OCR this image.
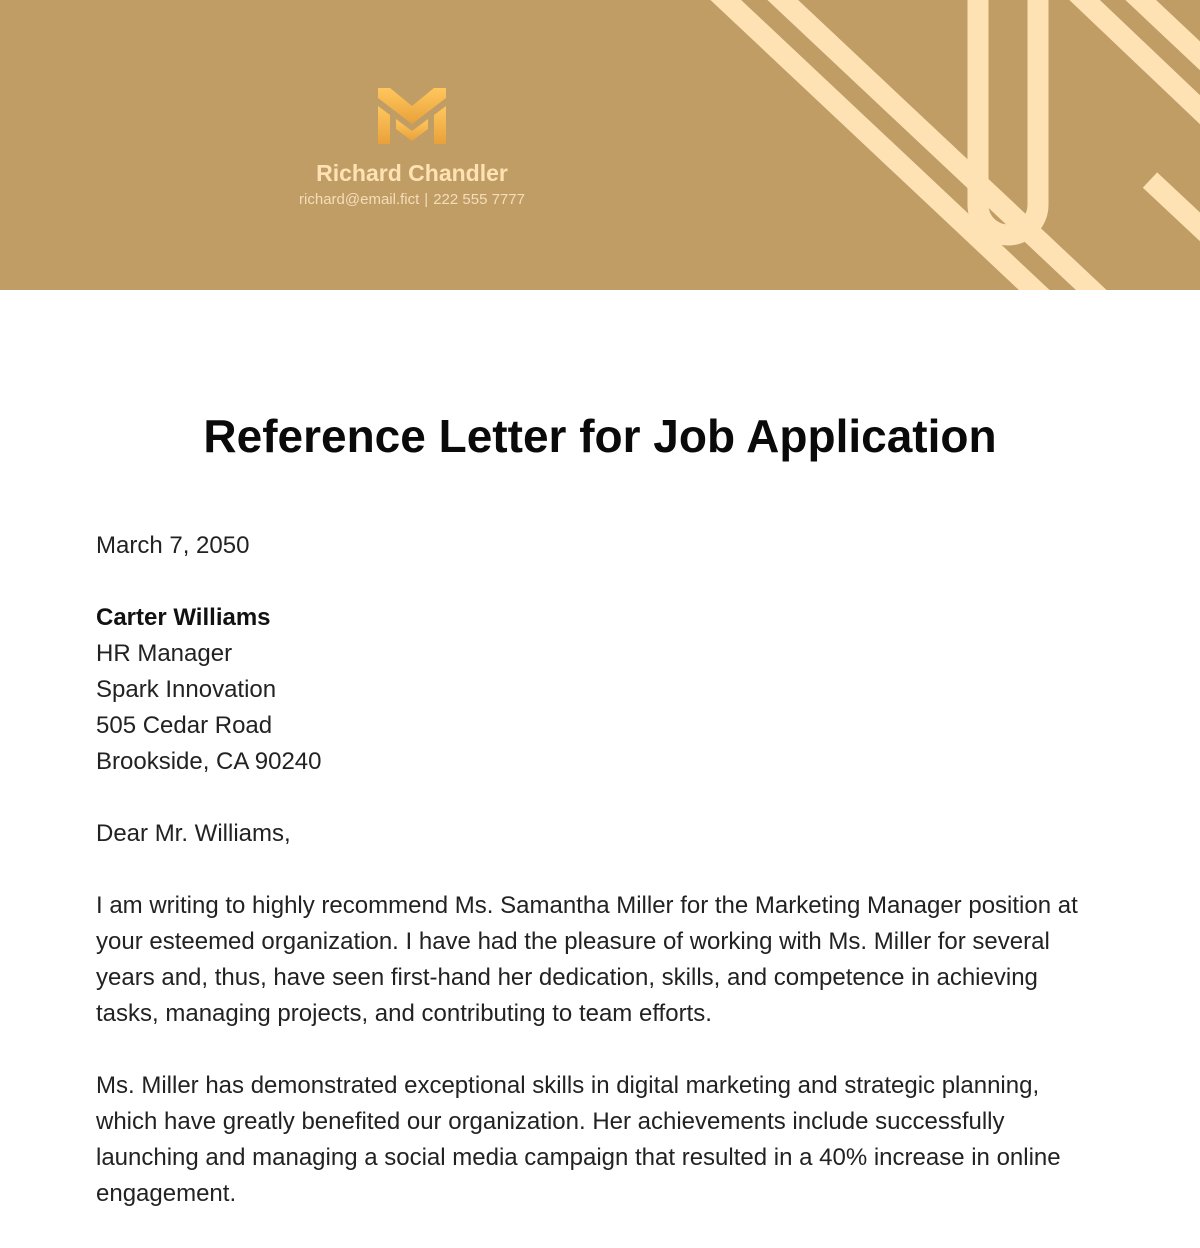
Richard Chandler
richard@email.fict | 222 555 7777
Reference Letter for Job Application
March 7, 2050
Carter Williams
HR Manager
Spark Innovation
505 Cedar Road
Brookside, CA 90240
Dear Mr. Williams,

I am writing to highly recommend Ms. Samantha Miller for the Marketing Manager position at your esteemed organization. I have had the pleasure of working with Ms. Miller for several years and, thus, have seen first-hand her dedication, skills, and competence in achieving tasks, managing projects, and contributing to team efforts.

Ms. Miller has demonstrated exceptional skills in digital marketing and strategic planning, which have greatly benefited our organization. Her achievements include successfully launching and managing a social media campaign that resulted in a 40% increase in online engagement.
